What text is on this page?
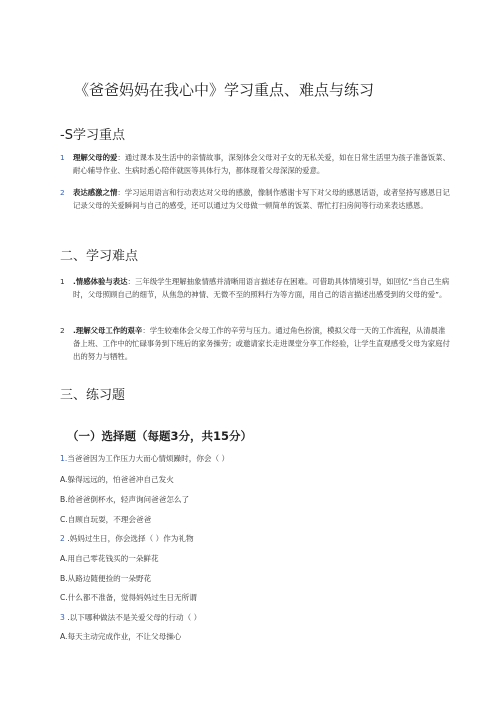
《爸爸妈妈在我心中》学习重点、难点与练习
-S学习重点
1	理解父母的爱：通过课本及生活中的亲情故事，深刻体会父母对子女的无私关爱，如在日常生活里为孩子准备饭菜、耐心辅导作业、生病时悉心陪伴就医等具体行为，都体现着父母深深的爱意。
2	表达感激之情：学习运用语言和行动表达对父母的感激，像制作感谢卡写下对父母的感恩话语，或者坚持写感恩日记记录父母的关爱瞬间与自己的感受，还可以通过为父母做一顿简单的饭菜、帮忙打扫房间等行动来表达感恩。
二、学习难点
1	.情感体验与表达：三年级学生理解抽象情感并清晰用语言描述存在困难。可借助具体情境引导，如回忆“当自己生病时，父母照顾自己的细节，从焦急的神情、无微不至的照料行为等方面，用自己的语言描述出感受到的父母的爱”。
2	.理解父母工作的艰辛：学生较难体会父母工作的辛劳与压力。通过角色扮演，模拟父母一天的工作流程，从清晨准备上班、工作中的忙碌事务到下班后的家务操劳；或邀请家长走进课堂分享工作经验，让学生直观感受父母为家庭付出的努力与牺牲。
三、练习题
（一）选择题（每题3分，共15分）
1.当爸爸因为工作压力大而心情烦躁时，你会（ ）
A.躲得远远的，怕爸爸冲自己发火
B.给爸爸倒杯水，轻声询问爸爸怎么了
C.自顾自玩耍，不理会爸爸
2 .妈妈过生日，你会选择（ ）作为礼物
A.用自己零花钱买的一朵鲜花
B.从路边随便捡的一朵野花
C.什么都不准备，觉得妈妈过生日无所谓
3 .以下哪种做法不是关爱父母的行动（ ）
A.每天主动完成作业，不让父母操心
